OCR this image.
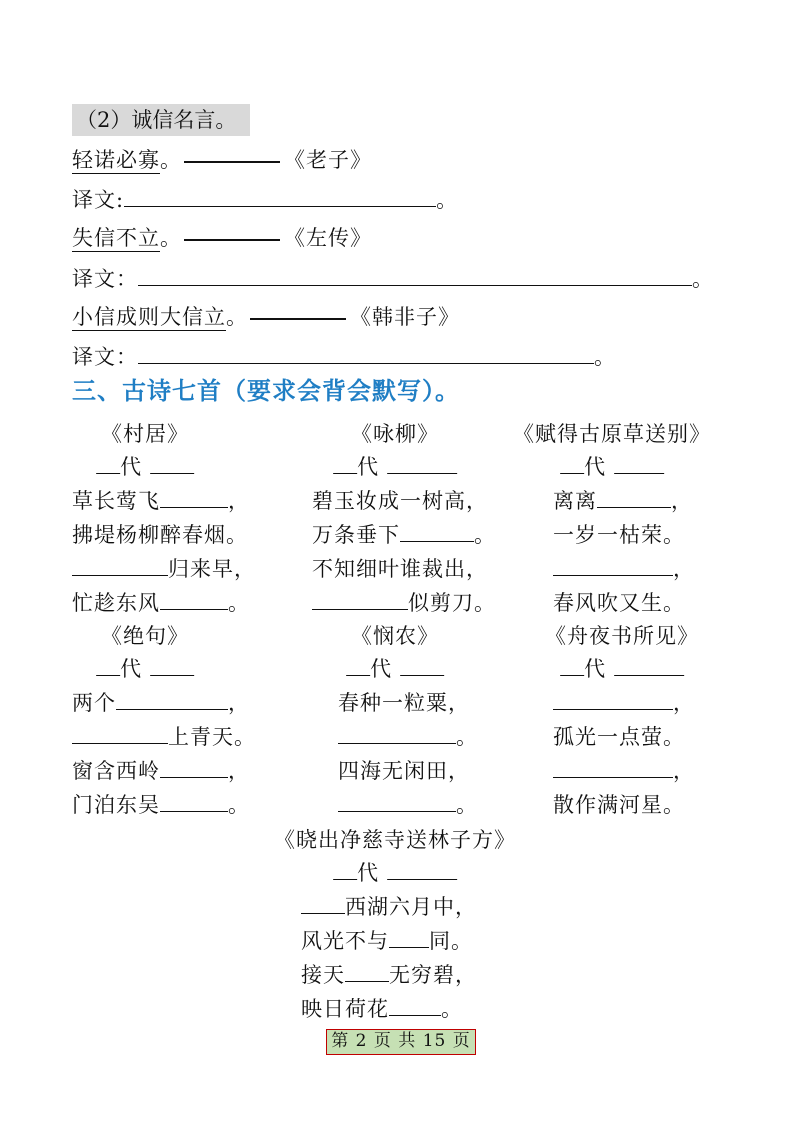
（2）诚信名言。
轻诺必寡。	《老子》
译文:	。
失信不立。	《左传》
译文：	。
小信成则大信立。	《韩非子》
译文：	。
三、古诗七首（要求会背会默写）。
《村居》
代
草长莺飞	，
拂堤杨柳醉春烟。
归来早，
忙趁东风	。
《咏柳》
代
碧玉妆成一树高，
万条垂下	。
不知细叶谁裁出，
似剪刀。
《赋得古原草送别》
代
离离	，
一岁一枯荣。
，
春风吹又生。
《绝句》
代
两个	，
上青天。
窗含西岭	，
门泊东吴	。
《悯农》
代
春种一粒粟，
。
四海无闲田，
。
《舟夜书所见》
代
，
孤光一点萤。
，
散作满河星。
《晓出净慈寺送林子方》
代
西湖六月中，
风光不与 同。
接天 无穷碧，
映日荷花 。
第 2 页 共 15 页
